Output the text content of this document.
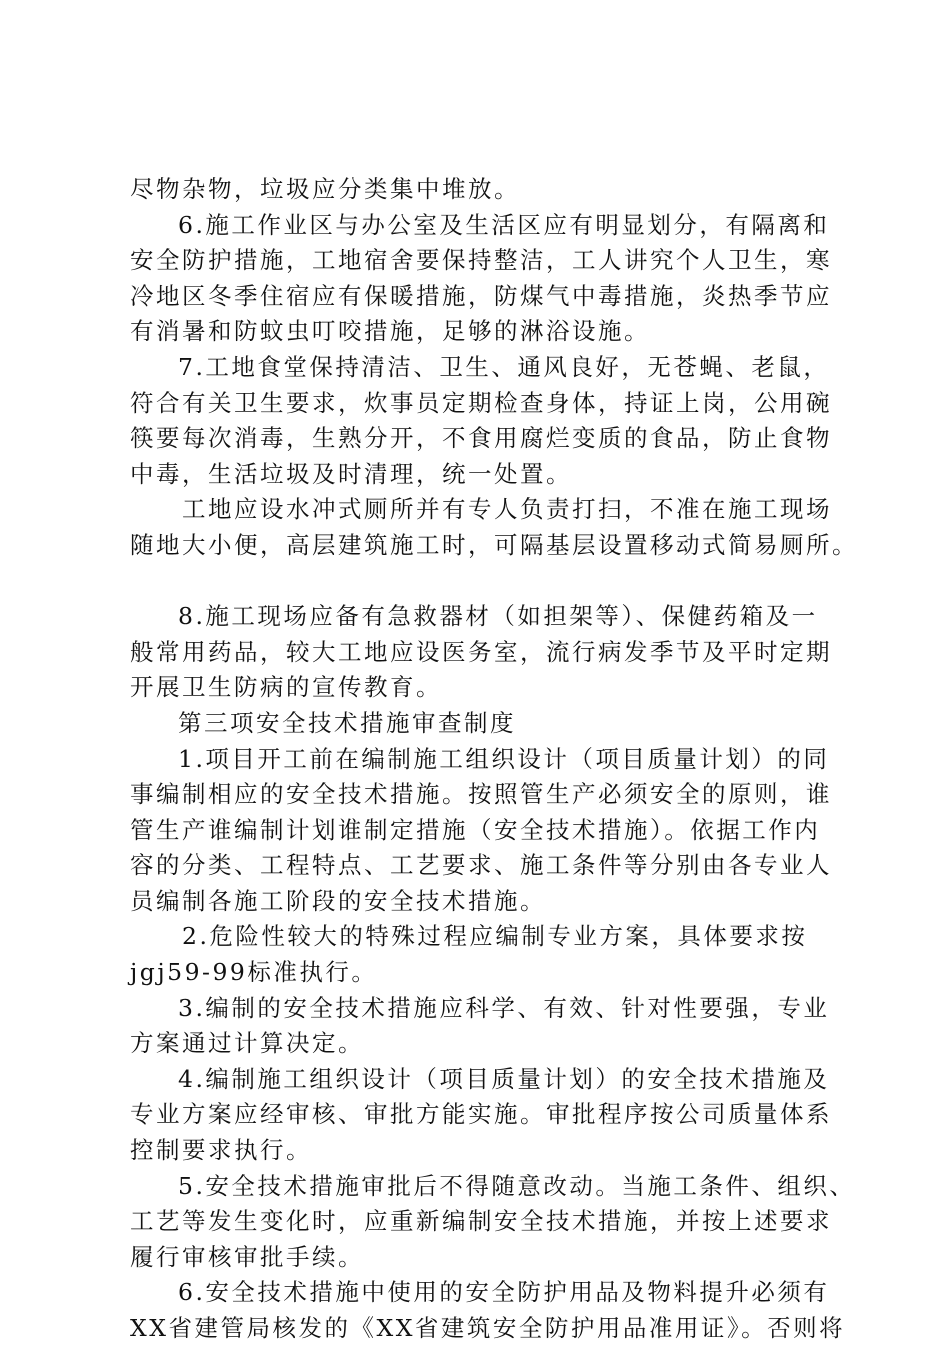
尽物杂物，垃圾应分类集中堆放。
6.施工作业区与办公室及生活区应有明显划分，有隔离和
安全防护措施，工地宿舍要保持整洁，工人讲究个人卫生，寒
冷地区冬季住宿应有保暖措施，防煤气中毒措施，炎热季节应
有消暑和防蚊虫叮咬措施，足够的淋浴设施。
7.工地食堂保持清洁、卫生、通风良好，无苍蝇、老鼠，
符合有关卫生要求，炊事员定期检查身体，持证上岗，公用碗
筷要每次消毒，生熟分开，不食用腐烂变质的食品，防止食物
中毒，生活垃圾及时清理，统一处置。
工地应设水冲式厕所并有专人负责打扫，不准在施工现场
随地大小便，高层建筑施工时，可隔基层设置移动式简易厕所。
8.施工现场应备有急救器材（如担架等）、保健药箱及一
般常用药品，较大工地应设医务室，流行病发季节及平时定期
开展卫生防病的宣传教育。
第三项安全技术措施审查制度
1.项目开工前在编制施工组织设计（项目质量计划）的同
事编制相应的安全技术措施。按照管生产必须安全的原则，谁
管生产谁编制计划谁制定措施（安全技术措施）。依据工作内
容的分类、工程特点、工艺要求、施工条件等分别由各专业人
员编制各施工阶段的安全技术措施。
2.危险性较大的特殊过程应编制专业方案，具体要求按
jgj59-99标准执行。
3.编制的安全技术措施应科学、有效、针对性要强，专业
方案通过计算决定。
4.编制施工组织设计（项目质量计划）的安全技术措施及
专业方案应经审核、审批方能实施。审批程序按公司质量体系
控制要求执行。
5.安全技术措施审批后不得随意改动。当施工条件、组织、
工艺等发生变化时，应重新编制安全技术措施，并按上述要求
履行审核审批手续。
6.安全技术措施中使用的安全防护用品及物料提升必须有
XX省建管局核发的《XX省建筑安全防护用品准用证》。否则将
